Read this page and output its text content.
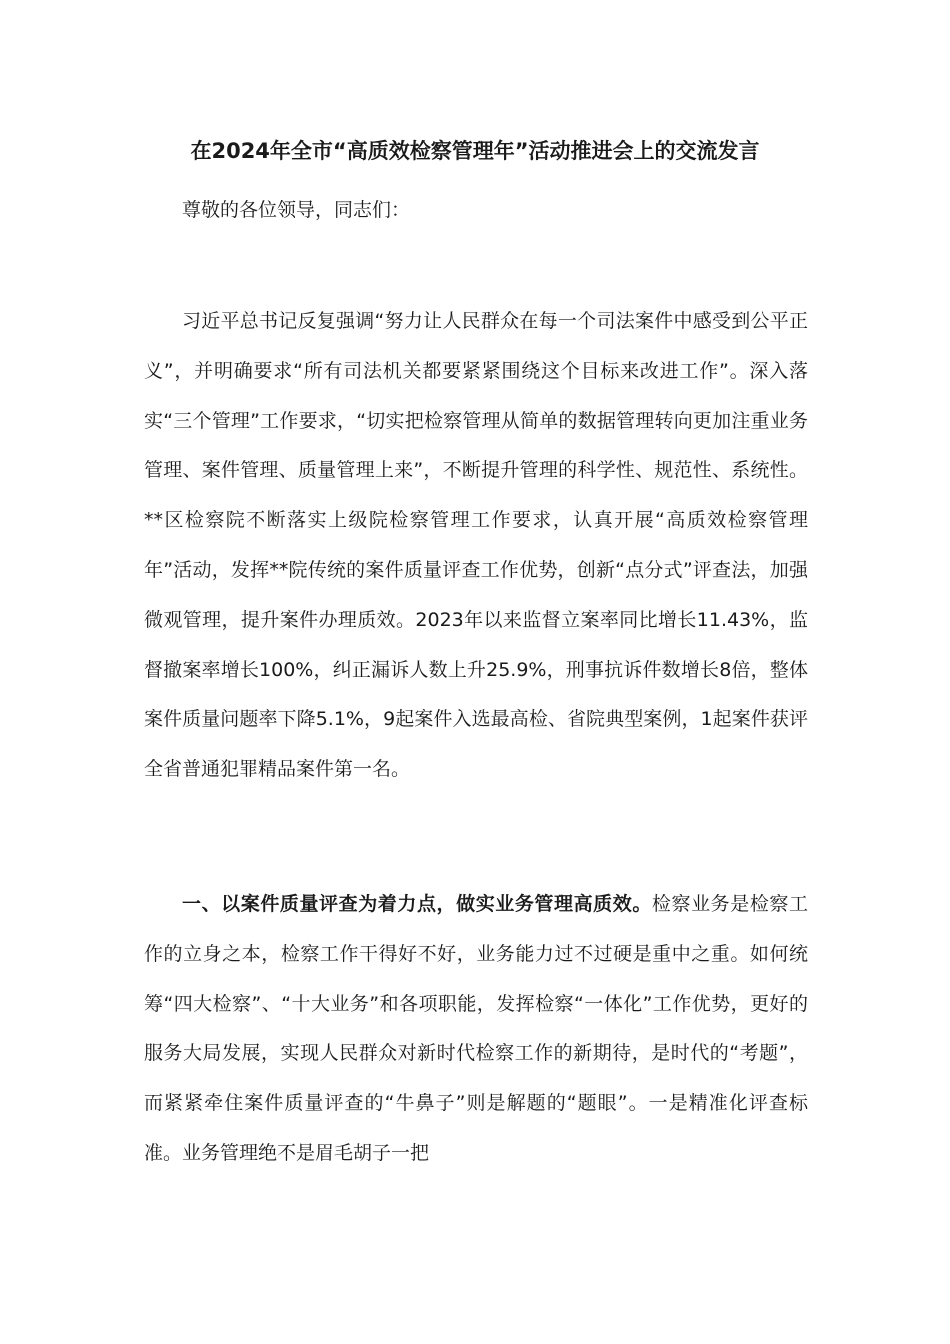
在2024年全市“高质效检察管理年”活动推进会上的交流发言

尊敬的各位领导，同志们：

习近平总书记反复强调“努力让人民群众在每一个司法案件中感受到公平正义”，并明确要求“所有司法机关都要紧紧围绕这个目标来改进工作”。深入落实“三个管理”工作要求，“切实把检察管理从简单的数据管理转向更加注重业务管理、案件管理、质量管理上来”，不断提升管理的科学性、规范性、系统性。**区检察院不断落实上级院检察管理工作要求，认真开展“高质效检察管理年”活动，发挥**院传统的案件质量评查工作优势，创新“点分式”评查法，加强微观管理，提升案件办理质效。2023年以来监督立案率同比增长11.43%，监督撤案率增长100%，纠正漏诉人数上升25.9%，刑事抗诉件数增长8倍，整体案件质量问题率下降5.1%，9起案件入选最高检、省院典型案例，1起案件获评全省普通犯罪精品案件第一名。

一、以案件质量评查为着力点，做实业务管理高质效。检察业务是检察工作的立身之本，检察工作干得好不好，业务能力过不过硬是重中之重。如何统筹“四大检察”、“十大业务”和各项职能，发挥检察“一体化”工作优势，更好的服务大局发展，实现人民群众对新时代检察工作的新期待，是时代的“考题”，而紧紧牵住案件质量评查的“牛鼻子”则是解题的“题眼”。一是精准化评查标准。业务管理绝不是眉毛胡子一把
